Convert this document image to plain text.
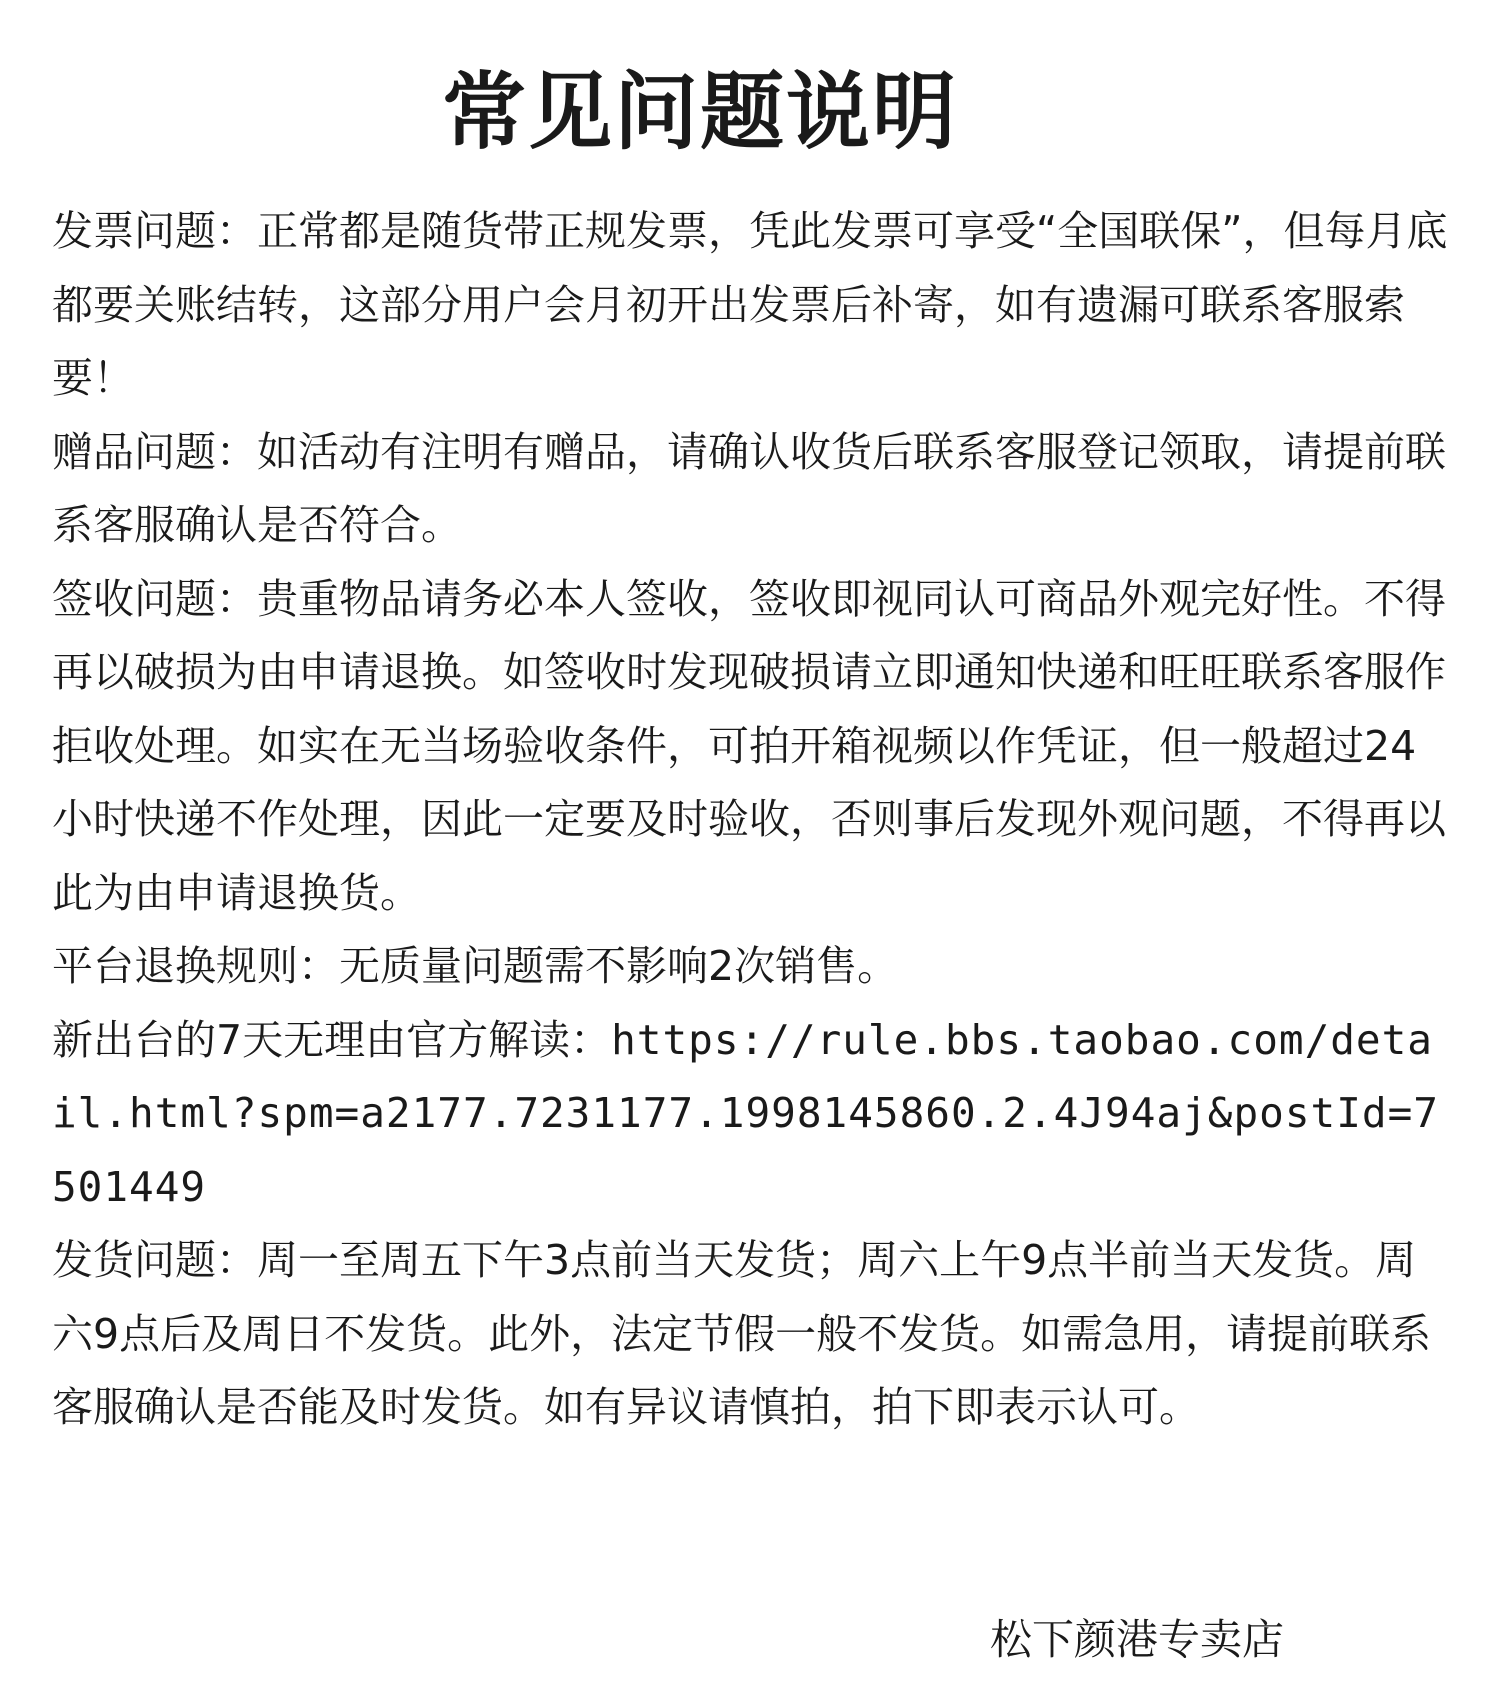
常见问题说明

发票问题：正常都是随货带正规发票，凭此发票可享受“全国联保”，但每月底都要关账结转，这部分用户会月初开出发票后补寄，如有遗漏可联系客服索要！

赠品问题：如活动有注明有赠品，请确认收货后联系客服登记领取，请提前联系客服确认是否符合。

签收问题：贵重物品请务必本人签收，签收即视同认可商品外观完好性。不得再以破损为由申请退换。如签收时发现破损请立即通知快递和旺旺联系客服作拒收处理。如实在无当场验收条件，可拍开箱视频以作凭证，但一般超过24小时快递不作处理，因此一定要及时验收，否则事后发现外观问题，不得再以此为由申请退换货。

平台退换规则：无质量问题需不影响2次销售。

新出台的7天无理由官方解读：https://rule.bbs.taobao.com/detail.html?spm=a2177.7231177.1998145860.2.4J94aj&postId=7501449

发货问题：周一至周五下午3点前当天发货；周六上午9点半前当天发货。周六9点后及周日不发货。此外，法定节假一般不发货。如需急用，请提前联系客服确认是否能及时发货。如有异议请慎拍，拍下即表示认可。

松下颜港专卖店
